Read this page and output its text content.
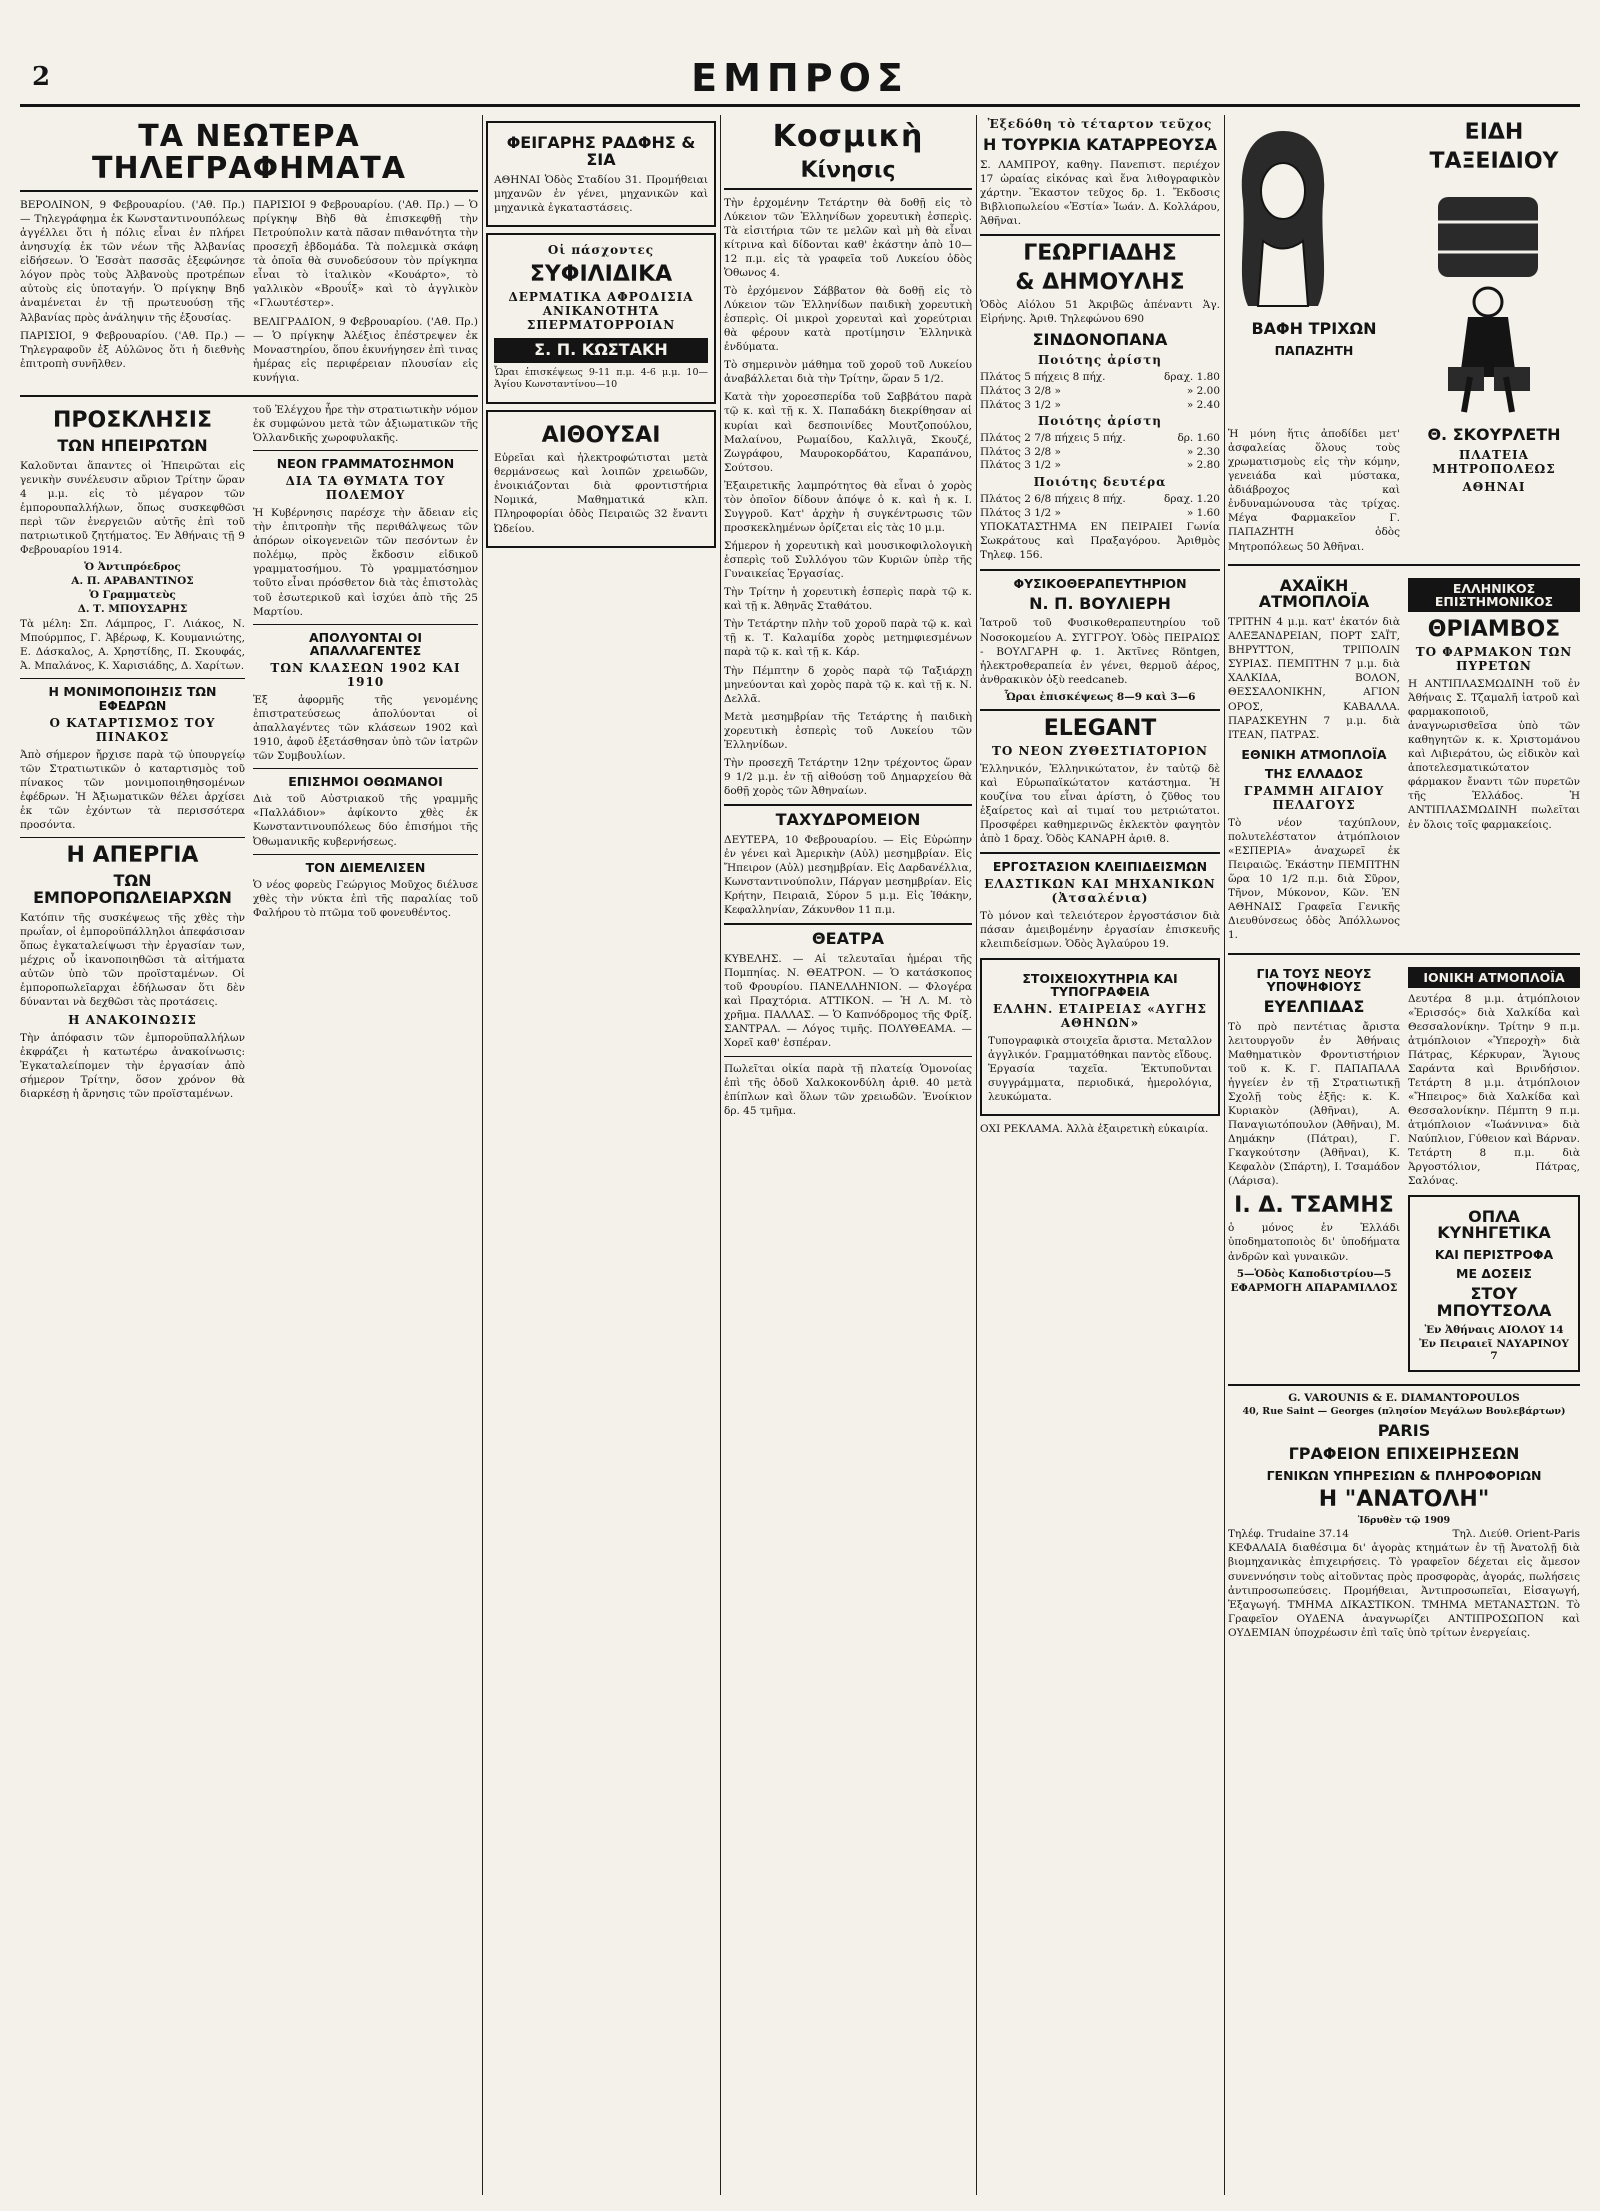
2	ΕΜΠΡΟΣ
ΤΑ ΝΕΩΤΕΡΑ ΤΗΛΕΓΡΑΦΗΜΑΤΑ

ΒΕΡΟΛΙΝΟΝ, 9 Φεβρουαρίου. ('Αθ. Πρ.) — Τηλεγράφημα ἐκ Κωνσταντινουπόλεως ἀγγέλλει ὅτι ἡ πόλις εἶναι ἐν πλήρει ἀνησυχίᾳ ἐκ τῶν νέων τῆς Ἀλβανίας εἰδήσεων. Ὁ Ἐσσὰτ πασσᾶς ἐξεφώνησε λόγον πρὸς τοὺς Ἀλβανοὺς προτρέπων αὐτοὺς εἰς ὑποταγήν. Ὁ πρίγκηψ Βηδ ἀναμένεται ἐν τῇ πρωτευούσῃ τῆς Ἀλβανίας πρὸς ἀνάληψιν τῆς ἐξουσίας.

ΠΑΡΙΣΙΟΙ, 9 Φεβρουαρίου. ('Αθ. Πρ.) — Τηλεγραφοῦν ἐξ Αὐλῶνος ὅτι ἡ διεθνὴς ἐπιτροπὴ συνῆλθεν.

ΠΑΡΙΣΙΟΙ 9 Φεβρουαρίου. ('Αθ. Πρ.) — Ὁ πρίγκηψ Βὴδ θὰ ἐπισκεφθῇ τὴν Πετρούπολιν κατὰ πᾶσαν πιθανότητα τὴν προσεχῆ ἑβδομάδα. Τὰ πολεμικὰ σκάφη τὰ ὁποῖα θὰ συνοδεύσουν τὸν πρίγκηπα εἶναι τὸ ἰταλικὸν «Κουάρτο», τὸ γαλλικὸν «Βρουΐξ» καὶ τὸ ἀγγλικὸν «Γλωυτέστερ».

ΒΕΛΙΓΡΑΔΙΟΝ, 9 Φεβρουαρίου. ('Αθ. Πρ.) — Ὁ πρίγκηψ Ἀλέξιος ἐπέστρεψεν ἐκ Μοναστηρίου, ὅπου ἐκυνήγησεν ἐπὶ τινας ἡμέρας εἰς περιφέρειαν πλουσίαν εἰς κυνήγια.

ΠΡΟΣΚΛΗΣΙΣ
ΤΩΝ ΗΠΕΙΡΩΤΩΝ

Καλοῦνται ἅπαντες οἱ Ἠπειρῶται εἰς γενικὴν συνέλευσιν αὔριον Τρίτην ὥραν 4 μ.μ. εἰς τὸ μέγαρον τῶν ἐμπορουπαλλήλων, ὅπως συσκεφθῶσι περὶ τῶν ἐνεργειῶν αὐτῆς ἐπὶ τοῦ πατριωτικοῦ ζητήματος. Ἐν Ἀθήναις τῇ 9 Φεβρουαρίου 1914.

Ὁ Ἀντιπρόεδρος
Α. Π. ΑΡΑΒΑΝΤΙΝΟΣ
Ὁ Γραμματεὺς
Δ. Τ. ΜΠΟΥΣΑΡΗΣ

Τὰ μέλη: Σπ. Λάμπρος, Γ. Λιάκος, Ν. Μπούρμπος, Γ. Ἀβέρωφ, Κ. Κουμανιώτης, Ε. Δάσκαλος, Α. Χρηστίδης, Π. Σκουφάς, Ἀ. Μπαλάνος, Κ. Χαρισιάδης, Δ. Χαρίτων.

Η ΜΟΝΙΜΟΠΟΙΗΣΙΣ ΤΩΝ ΕΦΕΔΡΩΝ
Ο ΚΑΤΑΡΤΙΣΜΟΣ ΤΟΥ ΠΙΝΑΚΟΣ

Ἀπὸ σήμερον ἤρχισε παρὰ τῷ ὑπουργείῳ τῶν Στρατιωτικῶν ὁ καταρτισμὸς τοῦ πίνακος τῶν μονιμοποιηθησομένων ἐφέδρων. Ἡ Ἀξιωματικῶν θέλει ἀρχίσει ἐκ τῶν ἐχόντων τὰ περισσότερα προσόντα.

Η ΑΠΕΡΓΙΑ
ΤΩΝ ΕΜΠΟΡΟΠΩΛΕΙΑΡΧΩΝ

Κατόπιν τῆς συσκέψεως τῆς χθὲς τὴν πρωΐαν, οἱ ἐμποροϋπάλληλοι ἀπεφάσισαν ὅπως ἐγκαταλείψωσι τὴν ἐργασίαν των, μέχρις οὗ ἱκανοποιηθῶσι τὰ αἰτήματα αὐτῶν ὑπὸ τῶν προϊσταμένων. Οἱ ἐμποροπωλεῖαρχαι ἐδήλωσαν ὅτι δὲν δύνανται νὰ δεχθῶσι τὰς προτάσεις.

Η ΑΝΑΚΟΙΝΩΣΙΣ

Τὴν ἀπόφασιν τῶν ἐμποροϋπαλλήλων ἐκφράζει ἡ κατωτέρω ἀνακοίνωσις: Ἐγκαταλείπομεν τὴν ἐργασίαν ἀπὸ σήμερον Τρίτην, ὅσον χρόνον θὰ διαρκέσῃ ἡ ἄρνησις τῶν προϊσταμένων.

τοῦ Ἐλέγχου ἦρε τὴν στρατιωτικὴν νόμον ἐκ συμφώνου μετὰ τῶν ἀξιωματικῶν τῆς Ὁλλανδικῆς χωροφυλακῆς.

ΝΕΟΝ ΓΡΑΜΜΑΤΟΣΗΜΟΝ
ΔΙΑ ΤΑ ΘΥΜΑΤΑ ΤΟΥ ΠΟΛΕΜΟΥ

Ἡ Κυβέρνησις παρέσχε τὴν ἄδειαν εἰς τὴν ἐπιτροπὴν τῆς περιθάλψεως τῶν ἀπόρων οἰκογενειῶν τῶν πεσόντων ἐν πολέμῳ, πρὸς ἔκδοσιν εἰδικοῦ γραμματοσήμου. Τὸ γραμματόσημον τοῦτο εἶναι πρόσθετον διὰ τὰς ἐπιστολὰς τοῦ ἐσωτερικοῦ καὶ ἰσχύει ἀπὸ τῆς 25 Μαρτίου.

ΑΠΟΛΥΟΝΤΑΙ ΟΙ ΑΠΑΛΛΑΓΕΝΤΕΣ
ΤΩΝ ΚΛΑΣΕΩΝ 1902 ΚΑΙ 1910

Ἐξ ἀφορμῆς τῆς γενομένης ἐπιστρατεύσεως ἀπολύονται οἱ ἀπαλλαγέντες τῶν κλάσεων 1902 καὶ 1910, ἀφοῦ ἐξετάσθησαν ὑπὸ τῶν ἰατρῶν τῶν Συμβουλίων.

ΕΠΙΣΗΜΟΙ ΟΘΩΜΑΝΟΙ

Διὰ τοῦ Αὐστριακοῦ τῆς γραμμῆς «Παλλάδιον» ἀφίκοντο χθὲς ἐκ Κωνσταντινουπόλεως δύο ἐπισήμοι τῆς Ὀθωμανικῆς κυβερνήσεως.

ΤΟΝ ΔΙΕΜΕΛΙΣΕΝ

Ὁ νέος φορεὺς Γεώργιος Μοῦχος διέλυσε χθὲς τὴν νύκτα ἐπὶ τῆς παραλίας τοῦ Φαλήρου τὸ πτῶμα τοῦ φονευθέντος.

ΦΕΙΓΑΡΗΣ ΡΑΔΦΗΣ & ΣΙΑ

ΑΘΗΝΑΙ Ὁδὸς Σταδίου 31. Προμήθειαι μηχανῶν ἐν γένει, μηχανικῶν καὶ μηχανικὰ ἐγκαταστάσεις.

Οἱ πάσχοντες
ΣΥΦΙΛΙΔΙΚΑ
ΔΕΡΜΑΤΙΚΑ ΑΦΡΟΔΙΣΙΑ ΑΝΙΚΑΝΟΤΗΤΑ ΣΠΕΡΜΑΤΟΡΡΟΙΑΝ
Σ. Π. ΚΩΣΤΑΚΗ

Ὧραι ἐπισκέψεως 9-11 π.μ. 4-6 μ.μ. 10—Ἀγίου Κωνσταντίνου—10

ΑΙΘΟΥΣΑΙ

Εὐρεῖαι καὶ ἠλεκτροφώτισται μετὰ θερμάνσεως καὶ λοιπῶν χρειωδῶν, ἐνοικιάζονται διὰ φροντιστήρια Νομικά, Μαθηματικά κλπ. Πληροφορίαι ὁδὸς Πειραιῶς 32 ἔναντι Ὠδείου.

Κοσμικὴ
Κίνησις

Τὴν ἐρχομένην Τετάρτην θὰ δοθῇ εἰς τὸ Λύκειον τῶν Ἑλληνίδων χορευτικὴ ἑσπερὶς. Τὰ εἰσιτήρια τῶν τε μελῶν καὶ μὴ θὰ εἶναι κίτρινα καὶ δίδονται καθ' ἑκάστην ἀπὸ 10—12 π.μ. εἰς τὰ γραφεῖα τοῦ Λυκείου ὁδὸς Ὁθωνος 4.

Τὸ ἐρχόμενον Σάββατον θὰ δοθῇ εἰς τὸ Λύκειον τῶν Ἑλληνίδων παιδικὴ χορευτικὴ ἑσπερὶς. Οἱ μικροὶ χορευταὶ καὶ χορεύτριαι θὰ φέρουν κατὰ προτίμησιν Ἑλληνικὰ ἐνδύματα.

Τὸ σημερινὸν μάθημα τοῦ χοροῦ τοῦ Λυκείου ἀναβάλλεται διὰ τὴν Τρίτην, ὥραν 5 1/2.

Κατὰ τὴν χοροεσπερίδα τοῦ Σαββάτου παρὰ τῷ κ. καὶ τῇ κ. Χ. Παπαδάκη διεκρίθησαν αἱ κυρίαι καὶ δεσποινίδες Μουτζοπούλου, Μαλαίνου, Ρωμαίδου, Καλλιγᾶ, Σκουζέ, Ζωγράφου, Μαυροκορδάτου, Καραπάνου, Σούτσου.

Ἐξαιρετικῆς λαμπρότητος θὰ εἶναι ὁ χορὸς τὸν ὁποῖον δίδουν ἀπόψε ὁ κ. καὶ ἡ κ. Ι. Συγγροῦ. Κατ' ἀρχὴν ἡ συγκέντρωσις τῶν προσκεκλημένων ὁρίζεται εἰς τὰς 10 μ.μ.

Σήμερον ἡ χορευτικὴ καὶ μουσικοφιλολογικὴ ἑσπερὶς τοῦ Συλλόγου τῶν Κυριῶν ὑπὲρ τῆς Γυναικείας Ἐργασίας.

Τὴν Τρίτην ἡ χορευτικὴ ἑσπερὶς παρὰ τῷ κ. καὶ τῇ κ. Ἀθηνᾶς Σταθάτου.

Τὴν Τετάρτην πλὴν τοῦ χοροῦ παρὰ τῷ κ. καὶ τῇ κ. Τ. Καλαμίδα χορὸς μετημφιεσμένων παρὰ τῷ κ. καὶ τῇ κ. Κάρ.

Τὴν Πέμπτην δ χορὸς παρὰ τῷ Ταξιάρχῃ μηνεύονται καὶ χορὸς παρὰ τῷ κ. καὶ τῇ κ. Ν. Δελλᾶ.

Μετὰ μεσημβρίαν τῆς Τετάρτης ἡ παιδικὴ χορευτικὴ ἑσπερὶς τοῦ Λυκείου τῶν Ἑλληνίδων.

Τὴν προσεχῆ Τετάρτην 12ην τρέχοντος ὥραν 9 1/2 μ.μ. ἐν τῇ αἰθούσῃ τοῦ Δημαρχείου θὰ δοθῇ χορὸς τῶν Ἀθηναίων.

ΤΑΧΥΔΡΟΜΕΙΟΝ

ΔΕΥΤΕΡΑ, 10 Φεβρουαρίου. — Εἰς Εὐρώπην ἐν γένει καὶ Ἀμερικὴν (Αὐλ) μεσημβρίαν. Εἰς Ἤπειρον (Αὐλ) μεσημβρίαν. Εἰς Δαρδανέλλια, Κωνσταντινούπολιν, Πάργαν μεσημβρίαν. Εἰς Κρήτην, Πειραιᾶ, Σύρον 5 μ.μ. Εἰς Ἰθάκην, Κεφαλληνίαν, Ζάκυνθον 11 π.μ.

ΘΕΑΤΡΑ

ΚΥΒΕΛΗΣ. — Αἱ τελευταῖαι ἡμέραι τῆς Πομπηίας. Ν. ΘΕΑΤΡΟΝ. — Ὁ κατάσκοπος τοῦ Φρουρίου. ΠΑΝΕΛΛΗΝΙΟΝ. — Φλογέρα καὶ Πραχτόρια. ΑΤΤΙΚΟΝ. — Ἡ Λ. Μ. τὸ χρῆμα. ΠΑΛΛΑΣ. — Ὁ Καπνόδρομος τῆς Φρίξ. ΣΑΝΤΡΑΛ. — Λόγος τιμῆς. ΠΟΛΥΘΕΑΜΑ. — Χορεῖ καθ' ἑσπέραν.

Πωλεῖται οἰκία παρὰ τῇ πλατείᾳ Ὁμονοίας ἐπὶ τῆς ὁδοῦ Χαλκοκονδύλη ἀριθ. 40 μετὰ ἐπίπλων καὶ ὅλων τῶν χρειωδῶν. Ἐνοίκιον δρ. 45 τμῆμα.

Ἐξεδόθη τὸ τέταρτον τεῦχος
Η ΤΟΥΡΚΙΑ ΚΑΤΑΡΡΕΟΥΣΑ

Σ. ΛΑΜΠΡΟΥ, καθηγ. Πανεπιστ. περιέχον 17 ὡραίας εἰκόνας καὶ ἕνα λιθογραφικὸν χάρτην. Ἕκαστον τεῦχος δρ. 1. Ἔκδοσις Βιβλιοπωλείου «Ἑστία» Ἰωάν. Δ. Κολλάρου, Ἀθῆναι.

ΓΕΩΡΓΙΑΔΗΣ
& ΔΗΜΟΥΛΗΣ

Ὁδὸς Αἰόλου 51 Ἀκριβῶς ἀπέναντι Ἁγ. Εἰρήνης. Ἀριθ. Τηλεφώνου 690

ΣΙΝΔΟΝΟΠΑΝΑ
Ποιότης ἀρίστη
Πλάτος 5 πήχεις 8 πήχ.	δραχ. 1.80
Πλάτος 3 2/8 »	» 2.00
Πλάτος 3 1/2 »	» 2.40
Ποιότης ἀρίστη
Πλάτος 2 7/8 πήχεις 5 πήχ.	δρ. 1.60
Πλάτος 3 2/8 »	» 2.30
Πλάτος 3 1/2 »	» 2.80
Ποιότης δευτέρα
Πλάτος 2 6/8 πήχεις 8 πήχ.	δραχ. 1.20
Πλάτος 3 1/2 »	» 1.60

ΥΠΟΚΑΤΑΣΤΗΜΑ ΕΝ ΠΕΙΡΑΙΕΙ Γωνία Σωκράτους καὶ Πραξαγόρου. Ἀριθμὸς Τηλεφ. 156.

ΦΥΣΙΚΟΘΕΡΑΠΕΥΤΗΡΙΟΝ
Ν. Π. ΒΟΥΛΙΕΡΗ

Ἰατροῦ τοῦ Φυσικοθεραπευτηρίου τοῦ Νοσοκομείου Α. ΣΥΓΓΡΟΥ. Ὁδὸς ΠΕΙΡΑΙΩΣ - ΒΟΥΛΓΑΡΗ φ. 1. Ἀκτῖνες Röntgen, ἠλεκτροθεραπεία ἐν γένει, θερμοῦ ἀέρος, ἀνθρακικὸν ὀξὺ reedcaneb.

Ὧραι ἐπισκέψεως 8—9 καὶ 3—6
ELEGANT
ΤΟ ΝΕΟΝ ΖΥΘΕΣΤΙΑΤΟΡΙΟΝ

Ἑλληνικόν, Ἑλληνικώτατον, ἐν ταὐτῷ δὲ καὶ Εὐρωπαϊκώτατον κατάστημα. Ἡ κουζίνα του εἶναι ἀρίστη, ὁ ζῦθος του ἐξαίρετος καὶ αἱ τιμαί του μετριώτατοι. Προσφέρει καθημερινῶς ἐκλεκτὸν φαγητὸν ἀπὸ 1 δραχ. Ὁδὸς ΚΑΝΑΡΗ ἀριθ. 8.

ΕΡΓΟΣΤΑΣΙΟΝ ΚΛΕΙΠΙΔΕΙΣΜΩΝ
ΕΛΑΣΤΙΚΩΝ ΚΑΙ ΜΗΧΑΝΙΚΩΝ (Ἀτσαλένια)

Τὸ μόνον καὶ τελειότερον ἐργοστάσιον διὰ πάσαν ἀμειβομένην ἐργασίαν ἐπισκευῆς κλειπιδείσμων. Ὁδὸς Ἀγλαύρου 19.

ΣΤΟΙΧΕΙΟΧΥΤΗΡΙΑ ΚΑΙ ΤΥΠΟΓΡΑΦΕΙΑ
ΕΛΛΗΝ. ΕΤΑΙΡΕΙΑΣ «ΑΥΓΗΣ ΑΘΗΝΩΝ»

Τυπογραφικὰ στοιχεῖα ἄριστα. Μεταλλον ἀγγλικόν. Γραμματόθηκαι παντὸς εἴδους. Ἐργασία ταχεῖα. Ἐκτυποῦνται συγγράμματα, περιοδικά, ἡμερολόγια, λευκώματα.

ΟΧΙ ΡΕΚΛΑΜΑ. Ἀλλὰ ἐξαιρετικὴ εὐκαιρία.

ΒΑΦΗ ΤΡΙΧΩΝ
ΠΑΠΑΖΗΤΗ

Ἡ μόνη ἥτις ἀποδίδει μετ' ἀσφαλείας ὅλους τοὺς χρωματισμοὺς εἰς τὴν κόμην, γενειάδα καὶ μύστακα, ἀδιάβροχος καὶ ἐνδυναμώνουσα τὰς τρίχας. Μέγα Φαρμακεῖον Γ. ΠΑΠΑΖΗΤΗ ὁδὸς Μητροπόλεως 50 Ἀθῆναι.

ΕΙΔΗ
ΤΑΞΕΙΔΙΟΥ
Θ. ΣΚΟΥΡΛΕΤΗ
ΠΛΑΤΕΙΑ ΜΗΤΡΟΠΟΛΕΩΣ
ΑΘΗΝΑΙ
ΑΧΑΪΚΗ ΑΤΜΟΠΛΟΪΑ

ΤΡΙΤΗΝ 4 μ.μ. κατ' ἑκατόν διὰ ΑΛΕΞΑΝΔΡΕΙΑΝ, ΠΟΡΤ ΣΑΪΤ, ΒΗΡΥΤΤΟΝ, ΤΡΙΠΟΛΙΝ ΣΥΡΙΑΣ. ΠΕΜΠΤΗΝ 7 μ.μ. διὰ ΧΑΛΚΙΔΑ, ΒΟΛΟΝ, ΘΕΣΣΑΛΟΝΙΚΗΝ, ΑΓΙΟΝ ΟΡΟΣ, ΚΑΒΑΛΛΑ. ΠΑΡΑΣΚΕΥΗΝ 7 μ.μ. διὰ ΙΤΕΑΝ, ΠΑΤΡΑΣ.

ΕΘΝΙΚΗ ΑΤΜΟΠΛΟΪΑ
ΤΗΣ ΕΛΛΑΔΟΣ
ΓΡΑΜΜΗ ΑΙΓΑΙΟΥ ΠΕΛΑΓΟΥΣ

Τὸ νέον ταχύπλουν, πολυτελέστατον ἀτμόπλοιον «ΕΣΠΕΡΙΑ» ἀναχωρεῖ ἐκ Πειραιῶς. Ἐκάστην ΠΕΜΠΤΗΝ ὥρα 10 1/2 π.μ. διὰ Σῦρον, Τῆνον, Μύκονον, Κῶν. ἘΝ ΑΘΗΝΑΙΣ Γραφεῖα Γενικῆς Διευθύνσεως ὁδὸς Ἀπόλλωνος 1.

ΕΛΛΗΝΙΚΟΣ ΕΠΙΣΤΗΜΟΝΙΚΟΣ
ΘΡΙΑΜΒΟΣ
ΤΟ ΦΑΡΜΑΚΟΝ ΤΩΝ ΠΥΡΕΤΩΝ

Η ΑΝΤΙΠΛΑΣΜΩΔΙΝΗ τοῦ ἐν Ἀθήναις Σ. Τζαμαλῆ ἰατροῦ καὶ φαρμακοποιοῦ, ἀναγνωρισθεῖσα ὑπὸ τῶν καθηγητῶν κ. κ. Χριστομάνου καὶ Λιβιεράτου, ὡς εἰδικὸν καὶ ἀποτελεσματικώτατον φάρμακον ἔναντι τῶν πυρετῶν τῆς Ἑλλάδος. Ἡ ΑΝΤΙΠΛΑΣΜΩΔΙΝΗ πωλεῖται ἐν ὅλοις τοῖς φαρμακείοις.

ΓΙΑ ΤΟΥΣ ΝΕΟΥΣ ΥΠΟΨΗΦΙΟΥΣ
ΕΥΕΛΠΙΔΑΣ

Τὸ πρὸ πεντέτιας ἄριστα λειτουργοῦν ἐν Ἀθήναις Μαθηματικὸν Φροντιστήριον τοῦ κ. Κ. Γ. ΠΑΠΑΠΑΛΑ ἠγγείεν ἐν τῇ Στρατιωτικῇ Σχολῇ τοὺς ἑξῆς: κ. Κ. Κυριακὸν (Ἀθῆναι), Α. Παναγιωτόπουλον (Ἀθῆναι), Μ. Δημάκην (Πάτραι), Γ. Γκαγκούτσην (Ἀθῆναι), Κ. Κεφαλὸν (Σπάρτη), Ι. Τσαμάδον (Λάρισα).

Ι. Δ. ΤΣΑΜΗΣ

ὁ μόνος ἐν Ἑλλάδι ὑποδηματοποιὸς δι' ὑποδήματα ἀνδρῶν καὶ γυναικῶν.

5—Ὁδὸς Καποδιστρίου—5
ΕΦΑΡΜΟΓΗ ΑΠΑΡΑΜΙΛΛΟΣ
ΙΟΝΙΚΗ ΑΤΜΟΠΛΟΪΑ

Δευτέρα 8 μ.μ. ἀτμόπλοιον «Ἐρισσός» διὰ Χαλκίδα καὶ Θεσσαλονίκην. Τρίτην 9 π.μ. ἀτμόπλοιον «Ὑπεροχὴ» διὰ Πάτρας, Κέρκυραν, Ἅγιους Σαράντα καὶ Βρινδήσιον. Τετάρτη 8 μ.μ. ἀτμόπλοιον «Ἤπειρος» διὰ Χαλκίδα καὶ Θεσσαλονίκην. Πέμπτη 9 π.μ. ἀτμόπλοιον «Ἰωάννινα» διὰ Ναύπλιον, Γύθειον καὶ Βάρναν. Τετάρτη 8 π.μ. διὰ Ἀργοστόλιον, Πάτρας, Σαλόνας.

ΟΠΛΑ ΚΥΝΗΓΕΤΙΚΑ
ΚΑΙ ΠΕΡΙΣΤΡΟΦΑ
ΜΕ ΔΟΣΕΙΣ
ΣΤΟΥ ΜΠΟΥΤΣΟΛΑ
Ἐν Ἀθήναις ΑΙΟΛΟΥ 14
Ἐν Πειραιεῖ ΝΑΥΑΡΙΝΟΥ 7
G. VAROUNIS & E. DIAMANTOPOULOS
40, Rue Saint — Georges (πλησίον Μεγάλων Βουλεβάρτων)
PARIS
ΓΡΑΦΕΙΟΝ ΕΠΙΧΕΙΡΗΣΕΩΝ
ΓΕΝΙΚΩΝ ΥΠΗΡΕΣΙΩΝ & ΠΛΗΡΟΦΟΡΙΩΝ
Η "ΑΝΑΤΟΛΗ"
Ἱδρυθὲν τῷ 1909
Τηλέφ. Trudaine 37.14	Τηλ. Διεύθ. Orient-Paris

ΚΕΦΑΛΑΙΑ διαθέσιμα δι' ἀγορὰς κτημάτων ἐν τῇ Ἀνατολῇ διὰ βιομηχανικὰς ἐπιχειρήσεις. Τὸ γραφεῖον δέχεται εἰς ἄμεσον συνεννόησιν τοὺς αἰτοῦντας πρὸς προσφορὰς, ἀγοράς, πωλήσεις ἀντιπροσωπεύσεις. Προμήθειαι, Ἀντιπροσωπεῖαι, Εἰσαγωγή, Ἐξαγωγή. ΤΜΗΜΑ ΔΙΚΑΣΤΙΚΟΝ. ΤΜΗΜΑ ΜΕΤΑΝΑΣΤΩΝ. Τὸ Γραφεῖον ΟΥΔΕΝΑ ἀναγνωρίζει ΑΝΤΙΠΡΟΣΩΠΟΝ καὶ ΟΥΔΕΜΙΑΝ ὑποχρέωσιν ἐπὶ ταῖς ὑπὸ τρίτων ἐνεργείαις.
